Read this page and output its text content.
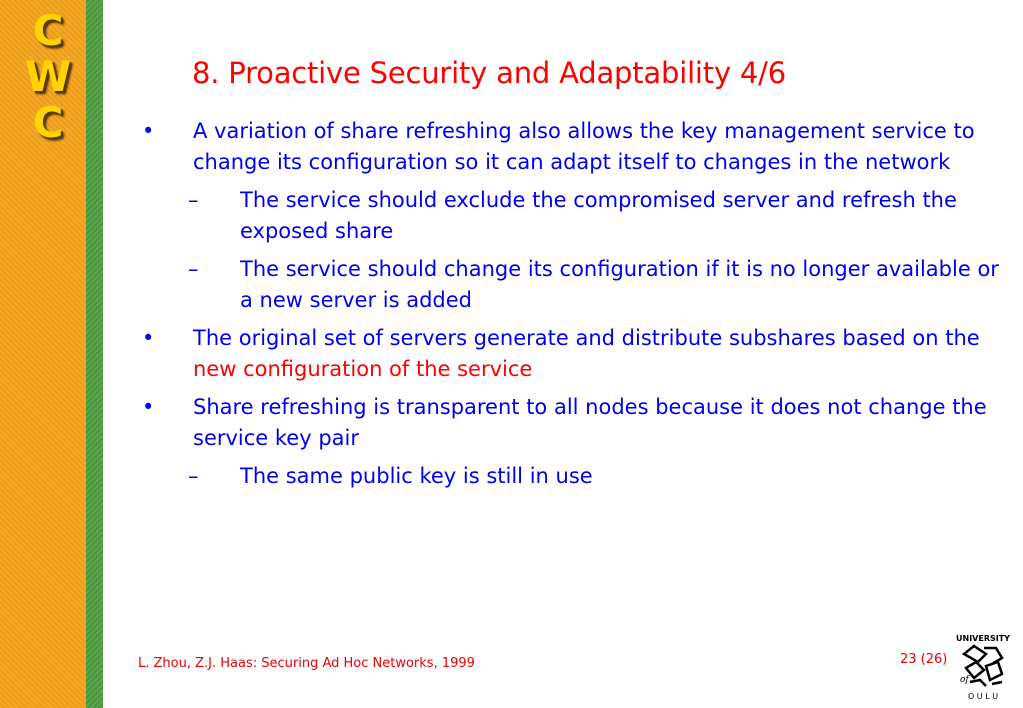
C
W
C
8. Proactive Security and Adaptability 4/6
• A variation of share refreshing also allows the key management service to change its configuration so it can adapt itself to changes in the network
– The service should exclude the compromised server and refresh the exposed share
– The service should change its configuration if it is no longer available or a new server is added
• The original set of servers generate and distribute subshares based on the new configuration of the service
• Share refreshing is transparent to all nodes because it does not change the service key pair
– The same public key is still in use
L. Zhou, Z.J. Haas: Securing Ad Hoc Networks, 1999	23 (26)
UNIVERSITY
of
O U L U
